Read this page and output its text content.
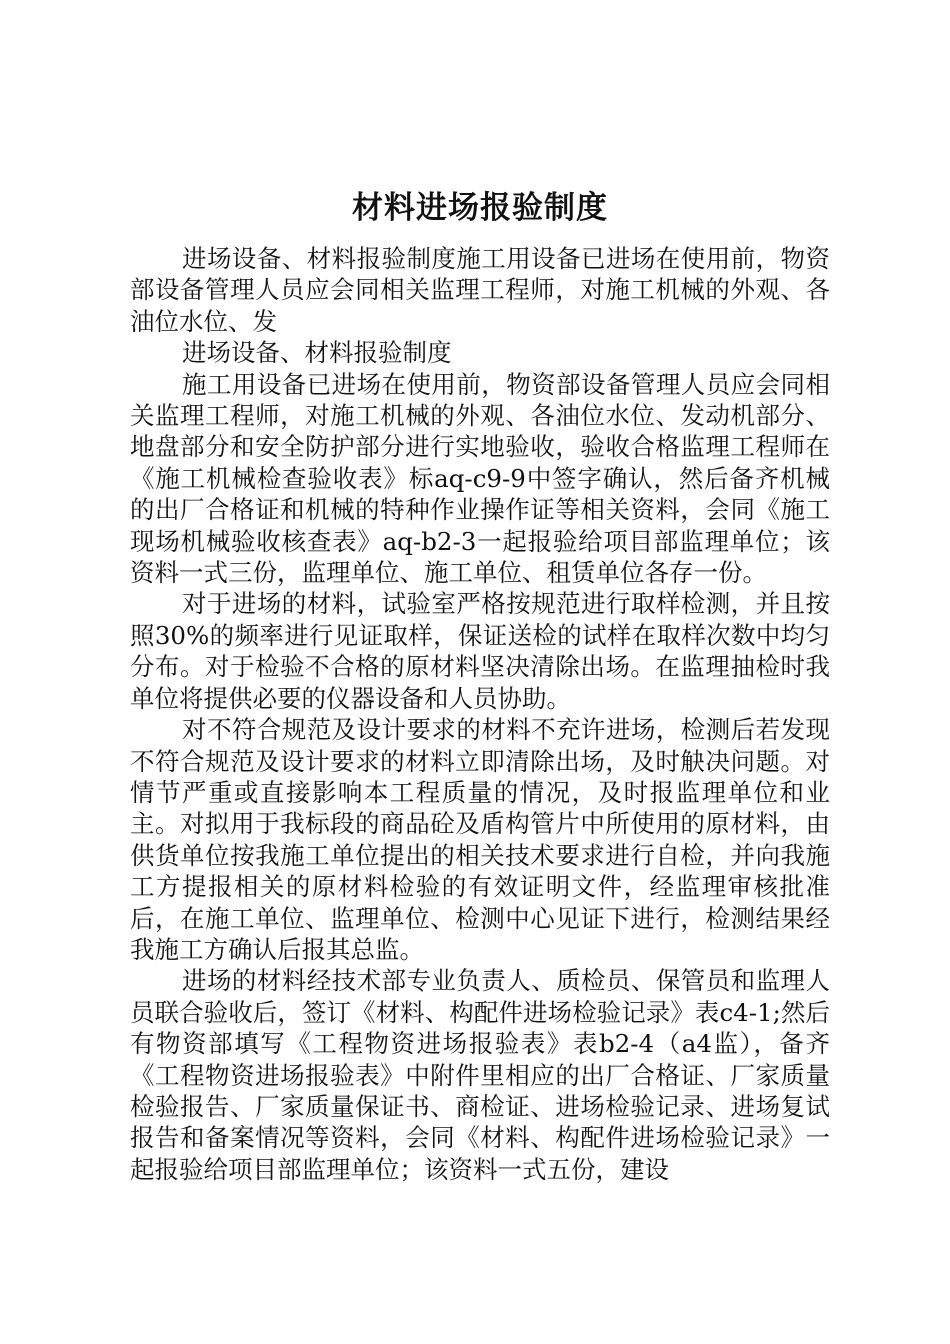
材料进场报验制度

进场设备、材料报验制度施工用设备已进场在使用前，物资部设备管理人员应会同相关监理工程师，对施工机械的外观、各油位水位、发

进场设备、材料报验制度

施工用设备已进场在使用前，物资部设备管理人员应会同相关监理工程师，对施工机械的外观、各油位水位、发动机部分、地盘部分和安全防护部分进行实地验收，验收合格监理工程师在《施工机械检查验收表》标aq-c9-9中签字确认，然后备齐机械的出厂合格证和机械的特种作业操作证等相关资料，会同《施工现场机械验收核查表》aq-b2-3一起报验给项目部监理单位；该资料一式三份，监理单位、施工单位、租赁单位各存一份。

对于进场的材料，试验室严格按规范进行取样检测，并且按照30%的频率进行见证取样，保证送检的试样在取样次数中均匀分布。对于检验不合格的原材料坚决清除出场。在监理抽检时我单位将提供必要的仪器设备和人员协助。

对不符合规范及设计要求的材料不充许进场，检测后若发现不符合规范及设计要求的材料立即清除出场，及时觖决问题。对情节严重或直接影响本工程质量的情况，及时报监理单位和业主。对拟用于我标段的商品砼及盾构管片中所使用的原材料，由供货单位按我施工单位提出的相关技术要求进行自检，并向我施工方提报相关的原材料检验的有效证明文件，经监理审核批准后，在施工单位、监理单位、检测中心见证下进行，检测结果经我施工方确认后报其总监。

进场的材料经技术部专业负责人、质检员、保管员和监理人员联合验收后，签订《材料、构配件进场检验记录》表c4-1;然后有物资部填写《工程物资进场报验表》表b2-4（a4监），备齐《工程物资进场报验表》中附件里相应的出厂合格证、厂家质量检验报告、厂家质量保证书、商检证、进场检验记录、进场复试报告和备案情况等资料，会同《材料、构配件进场检验记录》一起报验给项目部监理单位；该资料一式五份，建设
